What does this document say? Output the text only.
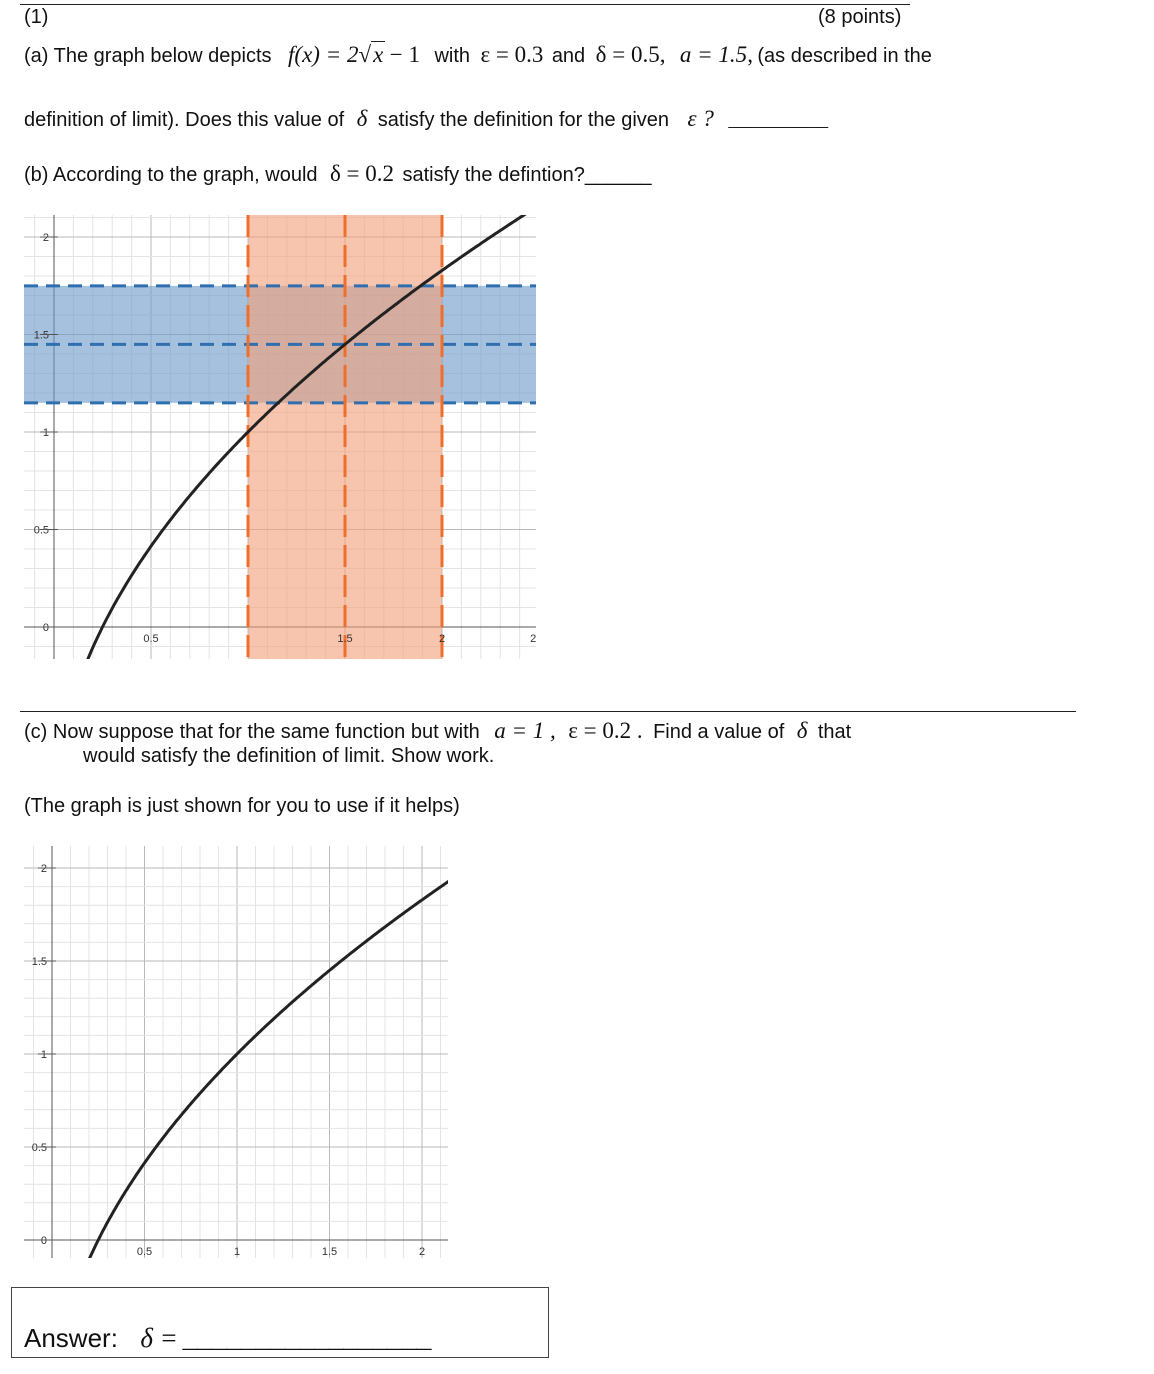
(1)	(8 points)
(a) The graph below depicts f(x) = 2√x − 1 with ε = 0.3 and δ = 0.5, a = 1.5, (as described in the
definition of limit). Does this value of δ satisfy the definition for the given ε ? _________
(b) According to the graph, would δ = 0.2 satisfy the defintion?______
2
1.5
1
0.5
0
0.5	1.5	2	2
(c) Now suppose that for the same function but with a = 1 , ε = 0.2 . Find a value of δ that
would satisfy the definition of limit. Show work.
(The graph is just shown for you to use if it helps)
2
1.5
1
0.5
0
0.5	1	1.5	2
Answer: δ = _________________
